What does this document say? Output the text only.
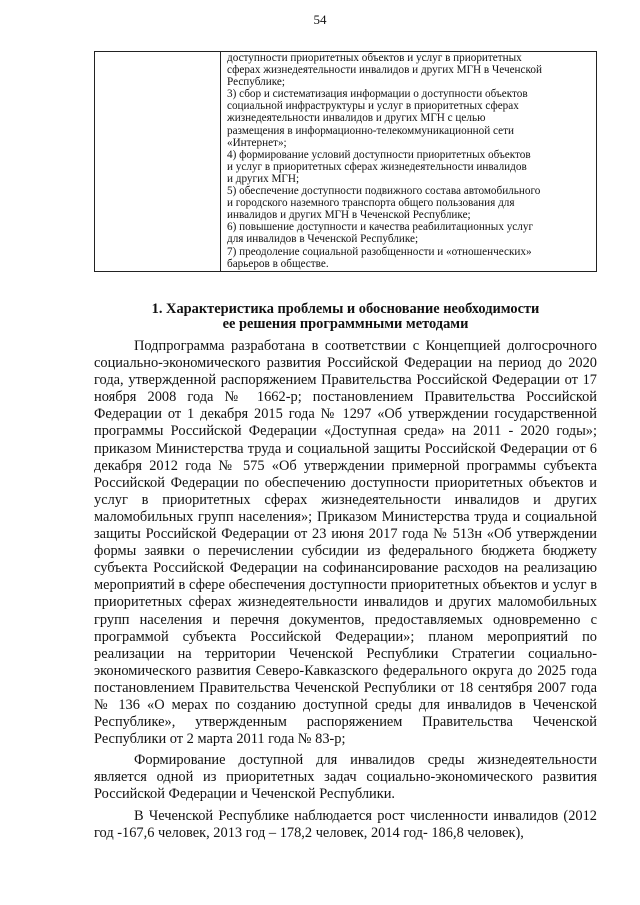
54

доступности приоритетных объектов и услуг в приоритетных

сферах жизнедеятельности инвалидов и других МГН в Чеченской

Республике;

3) сбор и систематизация информации о доступности объектов

социальной инфраструктуры и услуг в приоритетных сферах

жизнедеятельности инвалидов и других МГН с целью

размещения в информационно-телекоммуникационной сети

«Интернет»;

4) формирование условий доступности приоритетных объектов

и услуг в приоритетных сферах жизнедеятельности инвалидов

и других МГН;

5) обеспечение доступности подвижного состава автомобильного

и городского наземного транспорта общего пользования для

инвалидов и других МГН в Чеченской Республике;

6) повышение доступности и качества реабилитационных услуг

для инвалидов в Чеченской Республике;

7) преодоление социальной разобщенности и «отношенческих»

барьеров в обществе.

1. Характеристика проблемы и обоснование необходимости
ее решения программными методами

Подпрограмма разработана в соответствии с Концепцией долгосрочного социально-экономического развития Российской Федерации на период до 2020 года, утвержденной распоряжением Правительства Российской Федерации от 17 ноября 2008 года № 1662-р; постановлением Правительства Российской Федерации от 1 декабря 2015 года № 1297 «Об утверждении государственной программы Российской Федерации «Доступная среда» на 2011 - 2020 годы»; приказом Министерства труда и социальной защиты Российской Федерации от 6 декабря 2012 года № 575 «Об утверждении примерной программы субъекта Российской Федерации по обеспечению доступности приоритетных объектов и услуг в приоритетных сферах жизнедеятельности инвалидов и других маломобильных групп населения»; Приказом Министерства труда и социальной защиты Российской Федерации от 23 июня 2017 года № 513н «Об утверждении формы заявки о перечислении субсидии из федерального бюджета бюджету субъекта Российской Федерации на софинансирование расходов на реализацию мероприятий в сфере обеспечения доступности приоритетных объектов и услуг в приоритетных сферах жизнедеятельности инвалидов и других маломобильных групп населения и перечня документов, предоставляемых одновременно с программой субъекта Российской Федерации»; планом мероприятий по реализации на территории Чеченской Республики Стратегии социально-экономического развития Северо-Кавказского федерального округа до 2025 года постановлением Правительства Чеченской Республики от 18 сентября 2007 года № 136 «О мерах по созданию доступной среды для инвалидов в Чеченской Республике», утвержденным распоряжением Правительства Чеченской Республики от 2 марта 2011 года № 83-р;

Формирование доступной для инвалидов среды жизнедеятельности является одной из приоритетных задач социально-экономического развития Российской Федерации и Чеченской Республики.

В Чеченской Республике наблюдается рост численности инвалидов (2012 год -167,6 человек, 2013 год – 178,2 человек, 2014 год- 186,8 человек),
